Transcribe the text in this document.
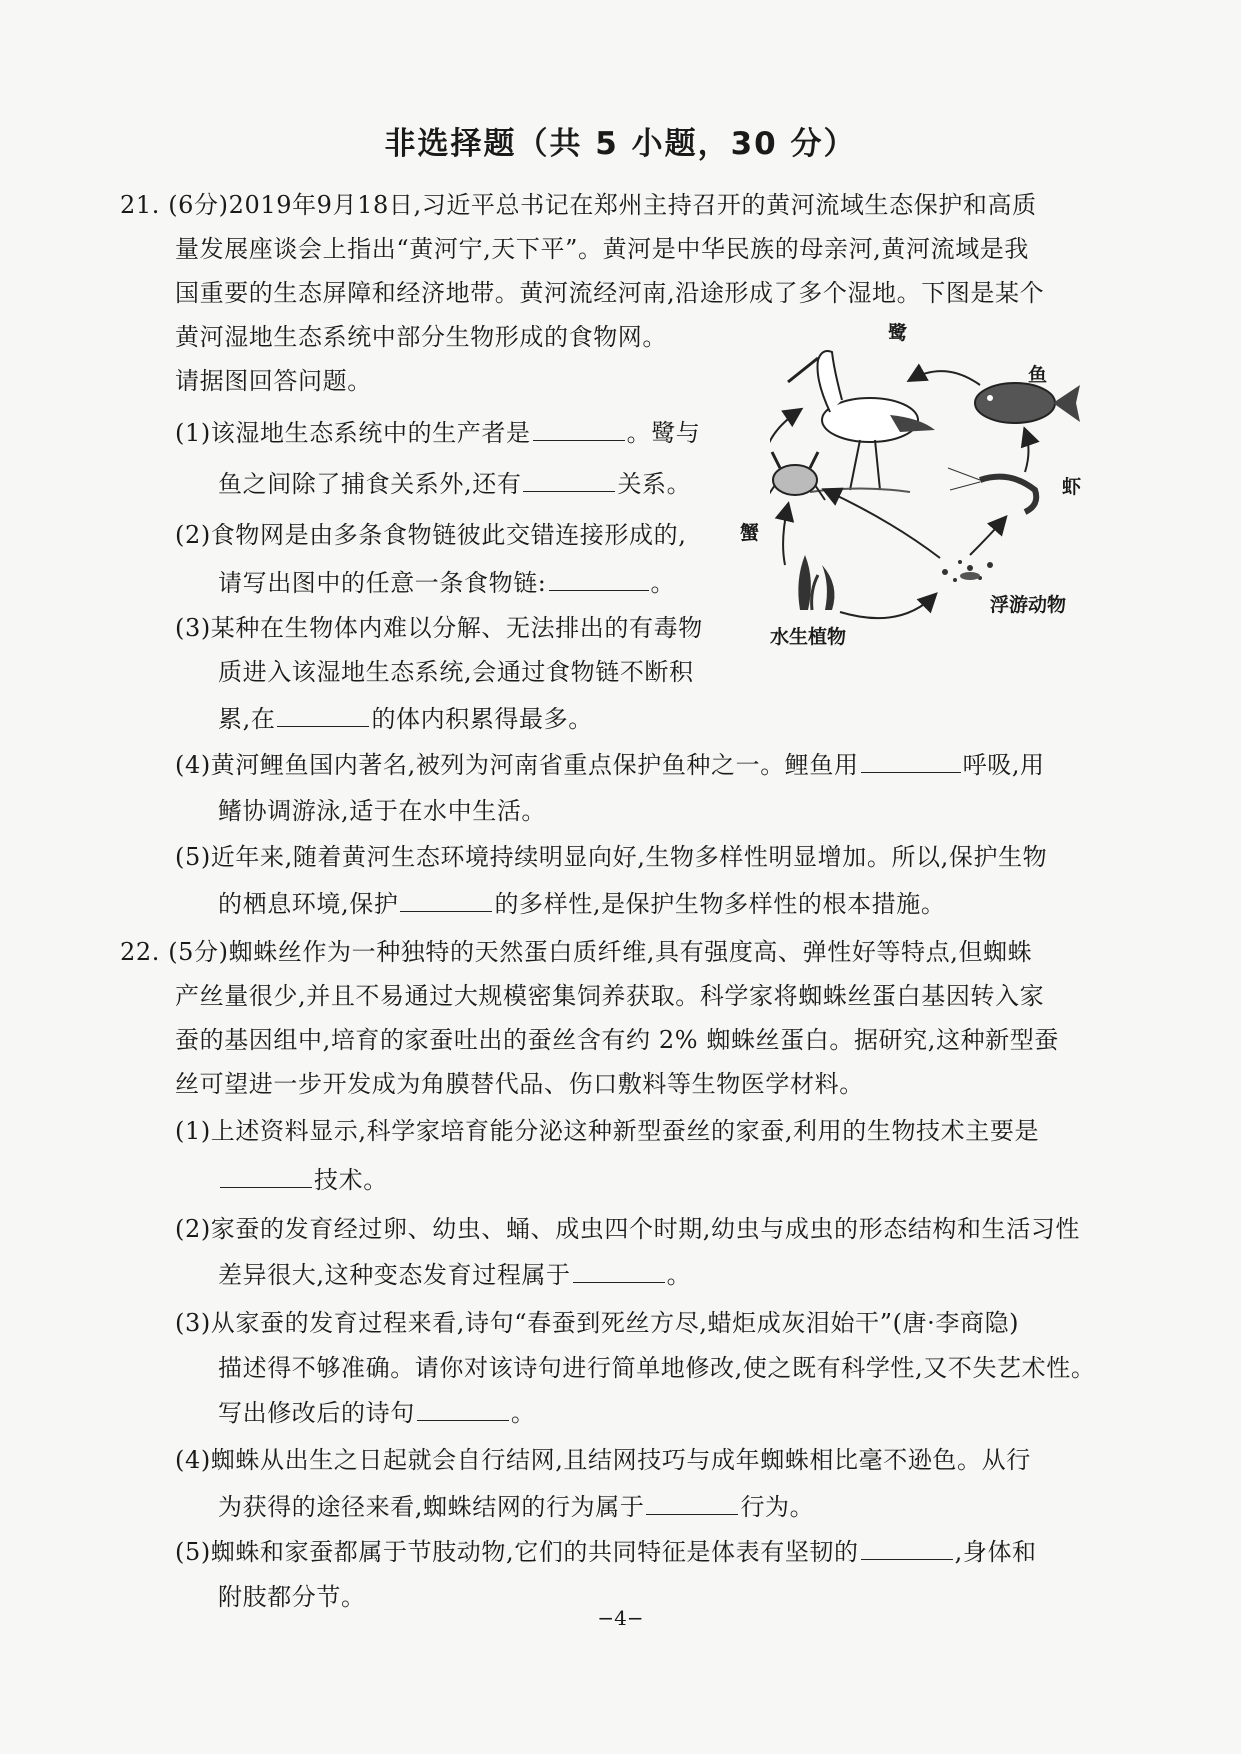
非选择题（共 5 小题，30 分）
21. (6分)2019年9月18日,习近平总书记在郑州主持召开的黄河流域生态保护和高质
量发展座谈会上指出“黄河宁,天下平”。黄河是中华民族的母亲河,黄河流域是我
国重要的生态屏障和经济地带。黄河流经河南,沿途形成了多个湿地。下图是某个
黄河湿地生态系统中部分生物形成的食物网。
请据图回答问题。
(1)该湿地生态系统中的生产者是	。鹭与
鱼之间除了捕食关系外,还有	关系。
(2)食物网是由多条食物链彼此交错连接形成的,
请写出图中的任意一条食物链:	。
(3)某种在生物体内难以分解、无法排出的有毒物
质进入该湿地生态系统,会通过食物链不断积
累,在	的体内积累得最多。
(4)黄河鲤鱼国内著名,被列为河南省重点保护鱼种之一。鲤鱼用	呼吸,用
鳍协调游泳,适于在水中生活。
(5)近年来,随着黄河生态环境持续明显向好,生物多样性明显增加。所以,保护生物
的栖息环境,保护	的多样性,是保护生物多样性的根本措施。
鹭
鱼
虾
蟹
浮游动物
水生植物
22. (5分)蜘蛛丝作为一种独特的天然蛋白质纤维,具有强度高、弹性好等特点,但蜘蛛
产丝量很少,并且不易通过大规模密集饲养获取。科学家将蜘蛛丝蛋白基因转入家
蚕的基因组中,培育的家蚕吐出的蚕丝含有约 2% 蜘蛛丝蛋白。据研究,这种新型蚕
丝可望进一步开发成为角膜替代品、伤口敷料等生物医学材料。
(1)上述资料显示,科学家培育能分泌这种新型蚕丝的家蚕,利用的生物技术主要是
技术。
(2)家蚕的发育经过卵、幼虫、蛹、成虫四个时期,幼虫与成虫的形态结构和生活习性
差异很大,这种变态发育过程属于	。
(3)从家蚕的发育过程来看,诗句“春蚕到死丝方尽,蜡炬成灰泪始干”(唐·李商隐)
描述得不够准确。请你对该诗句进行简单地修改,使之既有科学性,又不失艺术性。
写出修改后的诗句	。
(4)蜘蛛从出生之日起就会自行结网,且结网技巧与成年蜘蛛相比毫不逊色。从行
为获得的途径来看,蜘蛛结网的行为属于	行为。
(5)蜘蛛和家蚕都属于节肢动物,它们的共同特征是体表有坚韧的	,身体和
附肢都分节。
−4−
